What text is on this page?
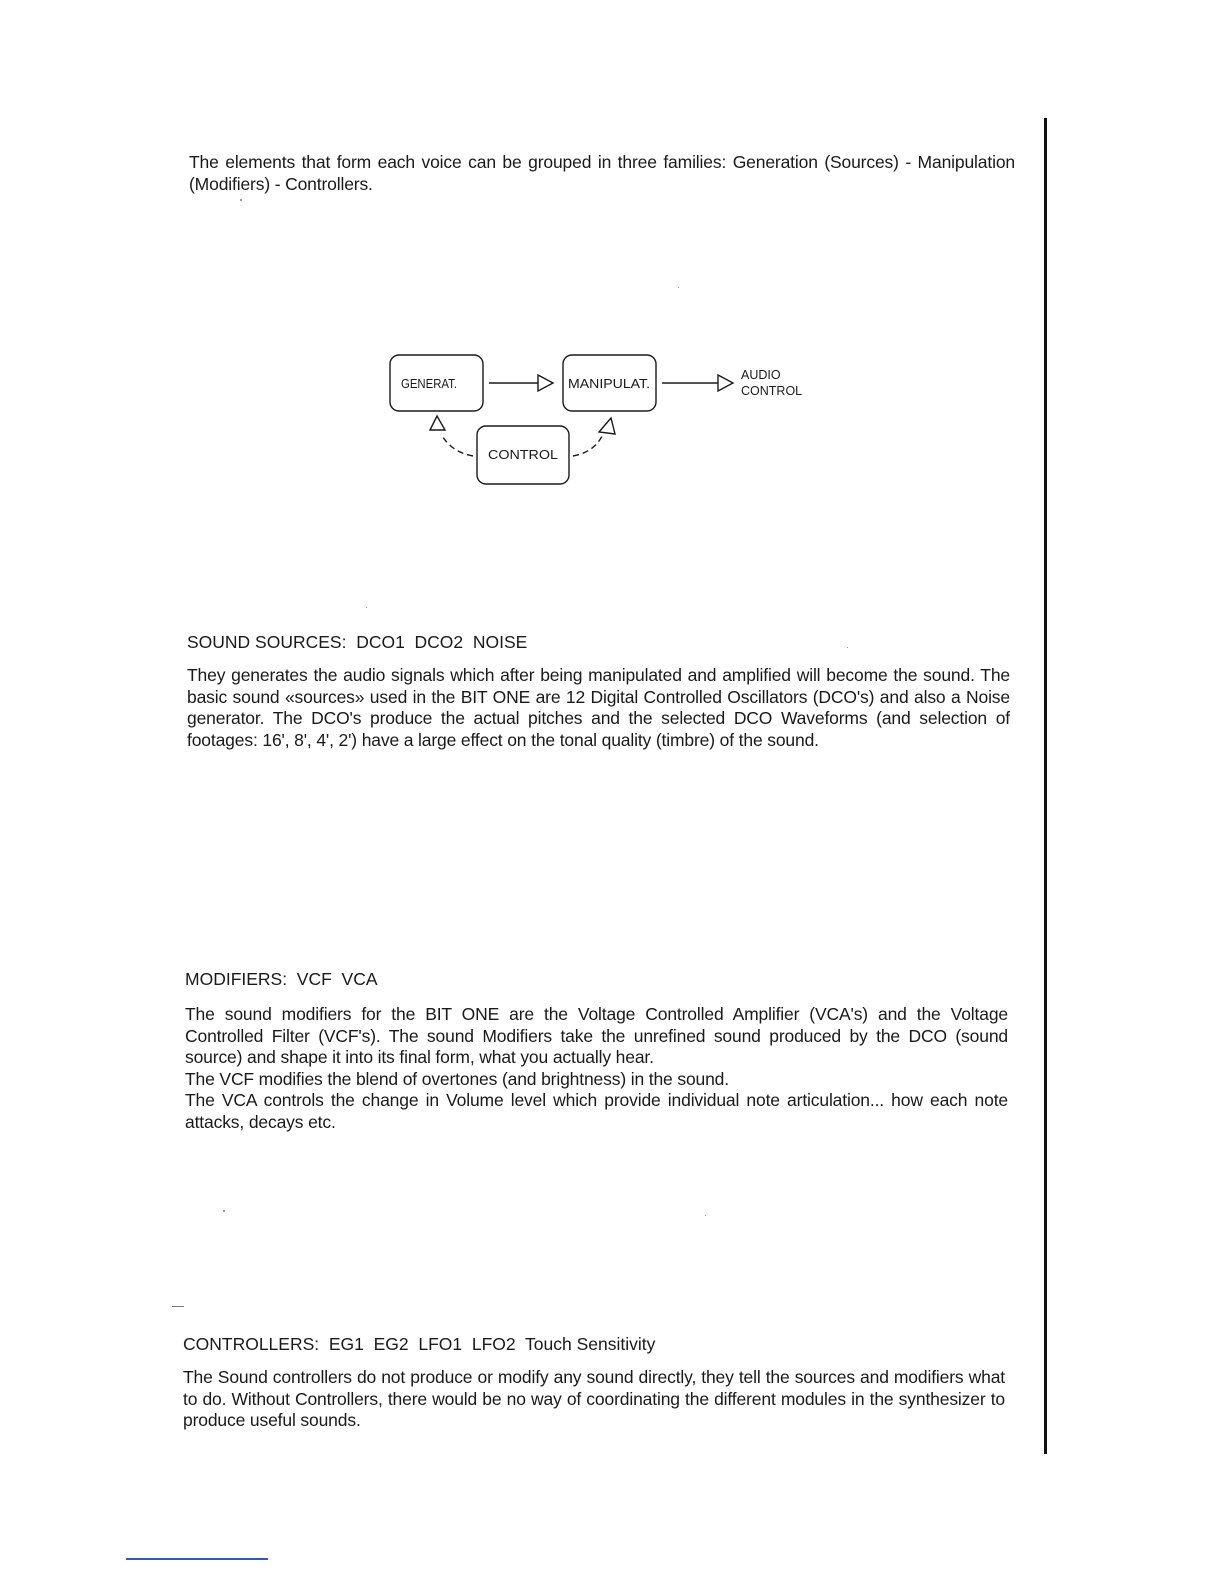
The elements that form each voice can be grouped in three families: Generation (Sources) - Manipulation (Modifiers) - Controllers.

GENERAT.	MANIPULAT.
CONTROL
AUDIO
CONTROL

SOUND SOURCES:  DCO1  DCO2  NOISE

They generates the audio signals which after being manipulated and amplified will become the sound. The basic sound «sources» used in the BIT ONE are 12 Digital Controlled Oscillators (DCO's) and also a Noise generator. The DCO's produce the actual pitches and the selected DCO Waveforms (and selection of footages: 16', 8', 4', 2') have a large effect on the tonal quality (timbre) of the sound.

MODIFIERS:  VCF  VCA

The sound modifiers for the BIT ONE are the Voltage Controlled Amplifier (VCA's) and the Voltage Controlled Filter (VCF's). The sound Modifiers take the unrefined sound produced by the DCO (sound source) and shape it into its final form, what you actually hear.
The VCF modifies the blend of overtones (and brightness) in the sound.
The VCA controls the change in Volume level which provide individual note articulation... how each note attacks, decays etc.

CONTROLLERS:  EG1  EG2  LFO1  LFO2  Touch Sensitivity

The Sound controllers do not produce or modify any sound directly, they tell the sources and modifiers what to do. Without Controllers, there would be no way of coordinating the different modules in the synthesizer to produce useful sounds.
